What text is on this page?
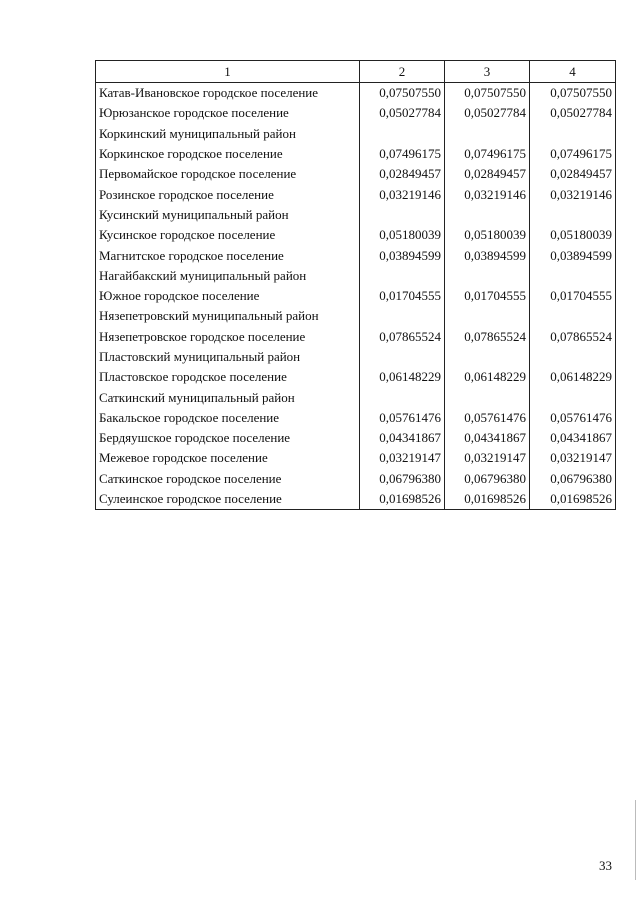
1	2	3	4
Катав-Ивановское городское поселение	0,07507550	0,07507550	0,07507550
Юрюзанское городское поселение	0,05027784	0,05027784	0,05027784
Коркинский муниципальный район			
Коркинское городское поселение	0,07496175	0,07496175	0,07496175
Первомайское городское поселение	0,02849457	0,02849457	0,02849457
Розинское городское поселение	0,03219146	0,03219146	0,03219146
Кусинский муниципальный район			
Кусинское городское поселение	0,05180039	0,05180039	0,05180039
Магнитское городское поселение	0,03894599	0,03894599	0,03894599
Нагайбакский муниципальный район			
Южное городское поселение	0,01704555	0,01704555	0,01704555
Нязепетровский муниципальный район			
Нязепетровское городское поселение	0,07865524	0,07865524	0,07865524
Пластовский муниципальный район			
Пластовское городское поселение	0,06148229	0,06148229	0,06148229
Саткинский муниципальный район			
Бакальское городское поселение	0,05761476	0,05761476	0,05761476
Бердяушское городское поселение	0,04341867	0,04341867	0,04341867
Межевое городское поселение	0,03219147	0,03219147	0,03219147
Саткинское городское поселение	0,06796380	0,06796380	0,06796380
Сулеинское городское поселение	0,01698526	0,01698526	0,01698526
33
